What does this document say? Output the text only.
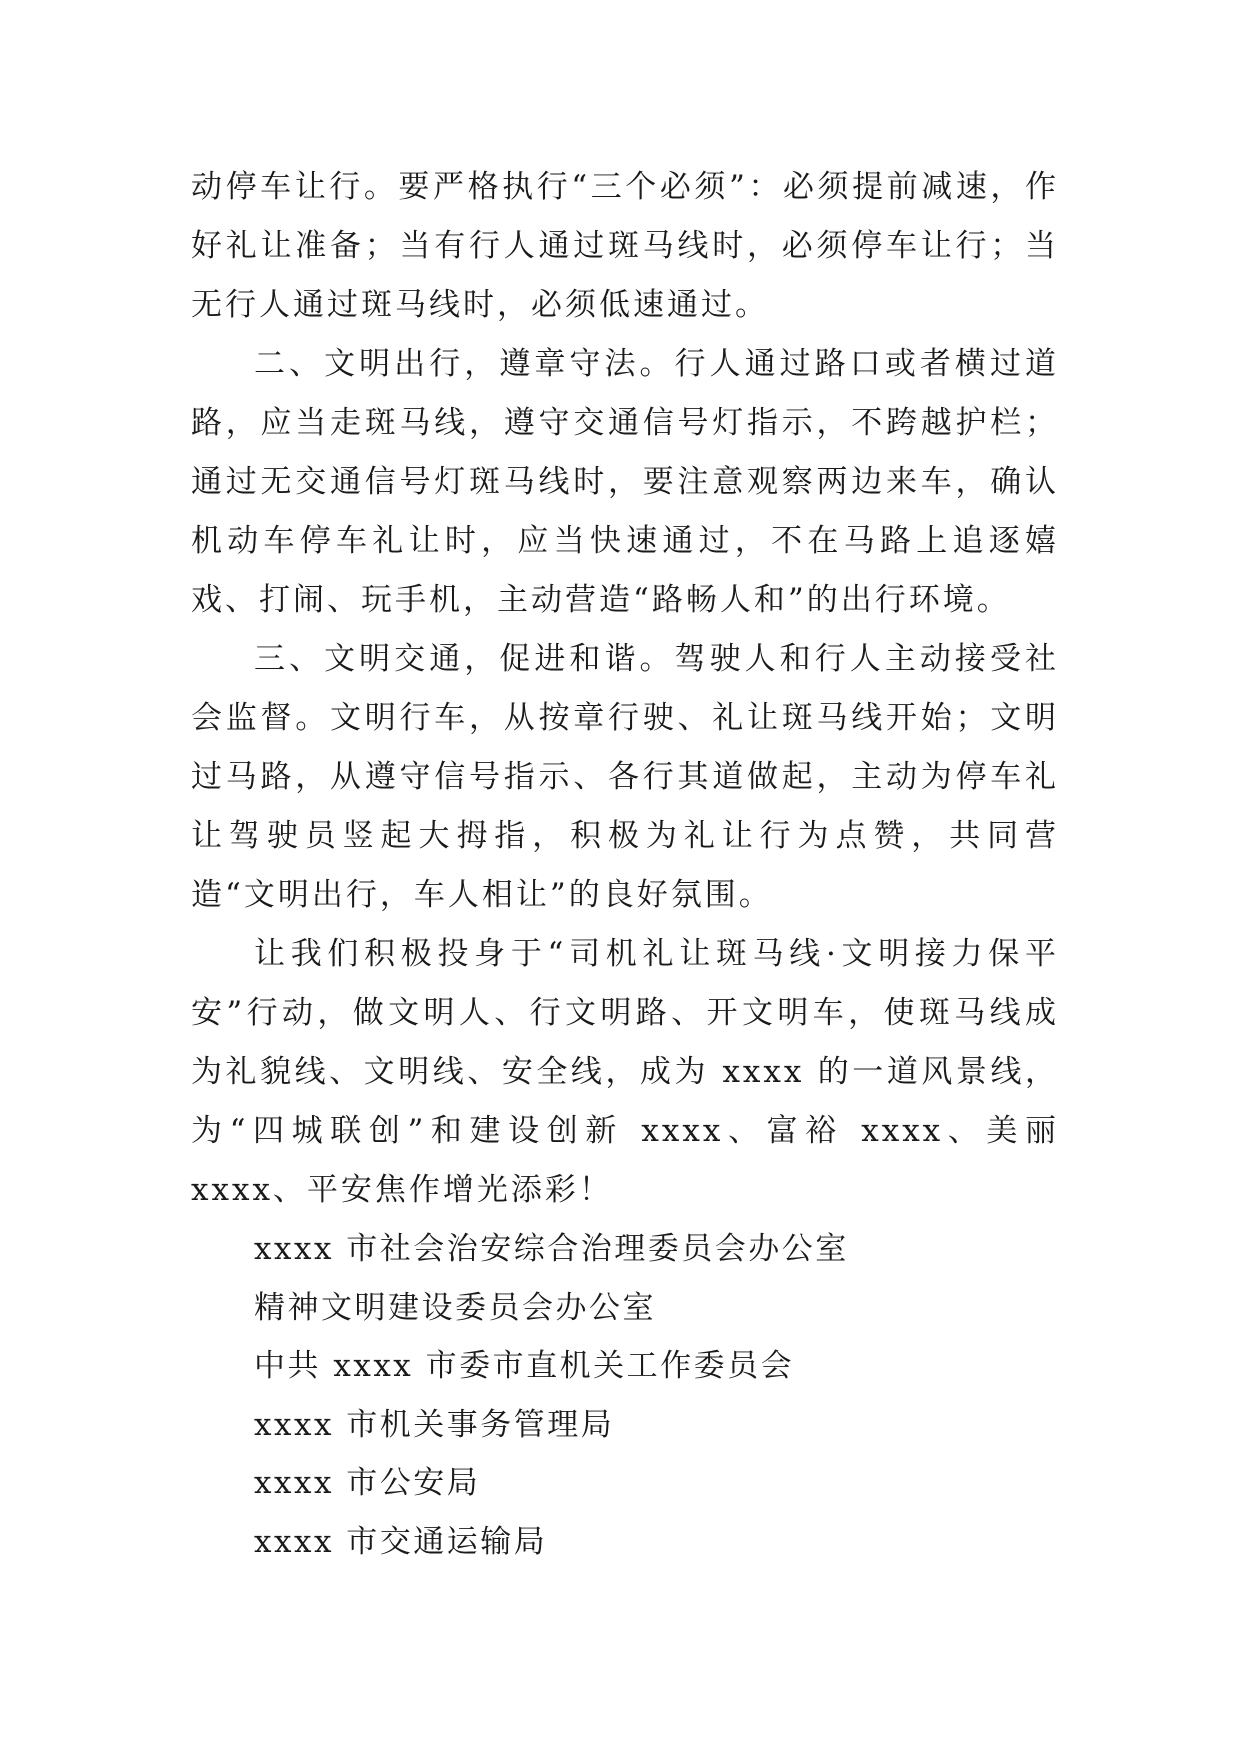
动停车让行。要严格执行“三个必须”：必须提前减速，作好礼让准备；当有行人通过斑马线时，必须停车让行；当无行人通过斑马线时，必须低速通过。

二、文明出行，遵章守法。行人通过路口或者横过道路，应当走斑马线，遵守交通信号灯指示，不跨越护栏；通过无交通信号灯斑马线时，要注意观察两边来车，确认机动车停车礼让时，应当快速通过，不在马路上追逐嬉戏、打闹、玩手机，主动营造“路畅人和”的出行环境。

三、文明交通，促进和谐。驾驶人和行人主动接受社会监督。文明行车，从按章行驶、礼让斑马线开始；文明过马路，从遵守信号指示、各行其道做起，主动为停车礼让驾驶员竖起大拇指，积极为礼让行为点赞，共同营造“文明出行，车人相让”的良好氛围。

让我们积极投身于“司机礼让斑马线·文明接力保平安”行动，做文明人、行文明路、开文明车，使斑马线成为礼貌线、文明线、安全线，成为 xxxx 的一道风景线，为“四城联创”和建设创新 xxxx、富裕 xxxx、美丽 xxxx、平安焦作增光添彩！

xxxx 市社会治安综合治理委员会办公室

精神文明建设委员会办公室

中共 xxxx 市委市直机关工作委员会

xxxx 市机关事务管理局

xxxx 市公安局

xxxx 市交通运输局
